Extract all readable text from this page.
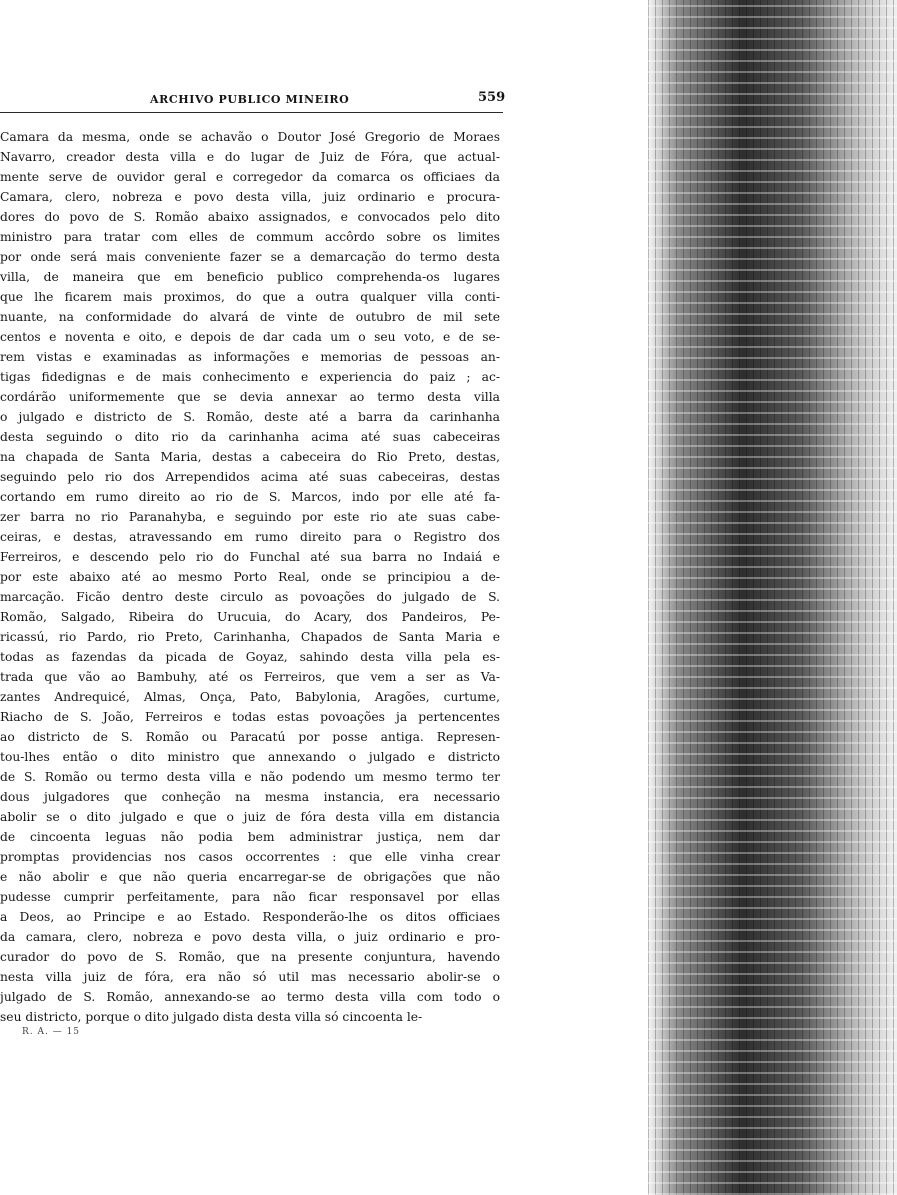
ARCHIVO PUBLICO MINEIRO	559
Camara da mesma, onde se achavão o Doutor José Gregorio de Moraes
Navarro, creador desta villa e do lugar de Juiz de Fóra, que actual-
mente serve de ouvidor geral e corregedor da comarca os officiaes da
Camara, clero, nobreza e povo desta villa, juiz ordinario e procura-
dores do povo de S. Romão abaixo assignados, e convocados pelo dito
ministro para tratar com elles de commum accôrdo sobre os limites
por onde será mais conveniente fazer se a demarcação do termo desta
villa, de maneira que em beneficio publico comprehenda-os lugares
que lhe ficarem mais proximos, do que a outra qualquer villa conti-
nuante, na conformidade do alvará de vinte de outubro de mil sete
centos e noventa e oito, e depois de dar cada um o seu voto, e de se-
rem vistas e examinadas as informações e memorias de pessoas an-
tigas fidedignas e de mais conhecimento e experiencia do paiz ; ac-
cordárão uniformemente que se devia annexar ao termo desta villa
o julgado e districto de S. Romão, deste até a barra da carinhanha
desta seguindo o dito rio da carinhanha acima até suas cabeceiras
na chapada de Santa Maria, destas a cabeceira do Rio Preto, destas,
seguindo pelo rio dos Arrependidos acima até suas cabeceiras, destas
cortando em rumo direito ao rio de S. Marcos, indo por elle até fa-
zer barra no rio Paranahyba, e seguindo por este rio ate suas cabe-
ceiras, e destas, atravessando em rumo direito para o Registro dos
Ferreiros, e descendo pelo rio do Funchal até sua barra no Indaiá e
por este abaixo até ao mesmo Porto Real, onde se principiou a de-
marcação. Ficão dentro deste circulo as povoações do julgado de S.
Romão, Salgado, Ribeira do Urucuia, do Acary, dos Pandeiros, Pe-
ricassú, rio Pardo, rio Preto, Carinhanha, Chapados de Santa Maria e
todas as fazendas da picada de Goyaz, sahindo desta villa pela es-
trada que vão ao Bambuhy, até os Ferreiros, que vem a ser as Va-
zantes Andrequicé, Almas, Onça, Pato, Babylonia, Aragões, curtume,
Riacho de S. João, Ferreiros e todas estas povoações ja pertencentes
ao districto de S. Romão ou Paracatú por posse antiga. Represen-
tou-lhes então o dito ministro que annexando o julgado e districto
de S. Romão ou termo desta villa e não podendo um mesmo termo ter
dous julgadores que conheção na mesma instancia, era necessario
abolir se o dito julgado e que o juiz de fóra desta villa em distancia
de cincoenta leguas não podia bem administrar justiça, nem dar
promptas providencias nos casos occorrentes : que elle vinha crear
e não abolir e que não queria encarregar-se de obrigações que não
pudesse cumprir perfeitamente, para não ficar responsavel por ellas
a Deos, ao Principe e ao Estado. Responderão-lhe os ditos officiaes
da camara, clero, nobreza e povo desta villa, o juiz ordinario e pro-
curador do povo de S. Romão, que na presente conjuntura, havendo
nesta villa juiz de fóra, era não só util mas necessario abolir-se o
julgado de S. Romão, annexando-se ao termo desta villa com todo o
seu districto, porque o dito julgado dista desta villa só cincoenta le-
R. A. — 15
